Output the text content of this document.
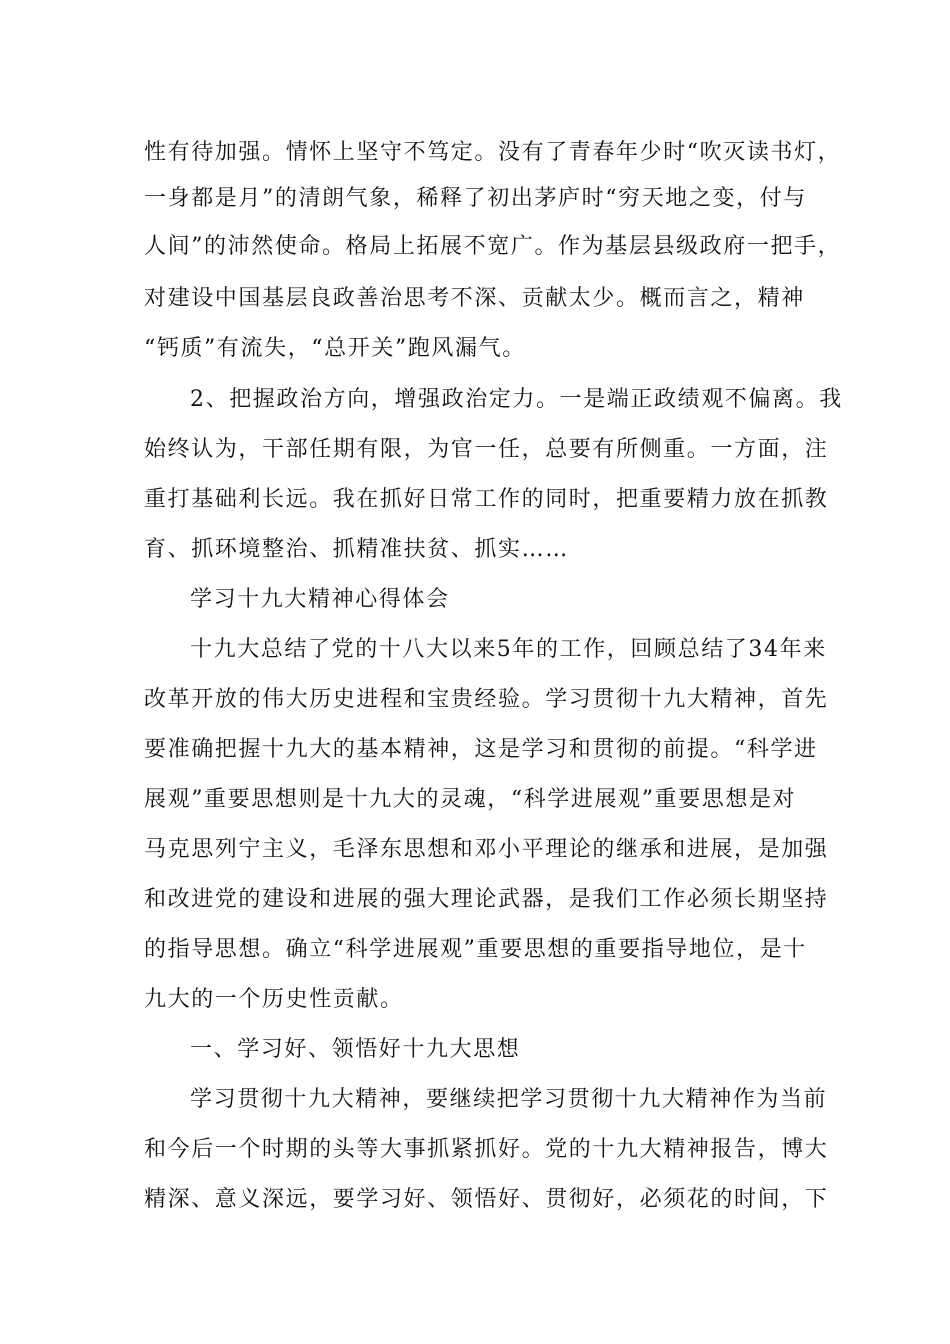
性有待加强。情怀上坚守不笃定。没有了青春年少时“吹灭读书灯，
一身都是月”的清朗气象，稀释了初出茅庐时“穷天地之变，付与
人间”的沛然使命。格局上拓展不宽广。作为基层县级政府一把手，
对建设中国基层良政善治思考不深、贡献太少。概而言之，精神
“钙质”有流失，“总开关”跑风漏气。
2、把握政治方向，增强政治定力。一是端正政绩观不偏离。我
始终认为，干部任期有限，为官一任，总要有所侧重。一方面，注
重打基础利长远。我在抓好日常工作的同时，把重要精力放在抓教
育、抓环境整治、抓精准扶贫、抓实……
学习十九大精神心得体会
十九大总结了党的十八大以来5年的工作，回顾总结了34年来
改革开放的伟大历史进程和宝贵经验。学习贯彻十九大精神，首先
要准确把握十九大的基本精神，这是学习和贯彻的前提。“科学进
展观”重要思想则是十九大的灵魂，“科学进展观”重要思想是对
马克思列宁主义，毛泽东思想和邓小平理论的继承和进展，是加强
和改进党的建设和进展的强大理论武器，是我们工作必须长期坚持
的指导思想。确立“科学进展观”重要思想的重要指导地位，是十
九大的一个历史性贡献。
一、学习好、领悟好十九大思想
学习贯彻十九大精神，要继续把学习贯彻十九大精神作为当前
和今后一个时期的头等大事抓紧抓好。党的十九大精神报告，博大
精深、意义深远，要学习好、领悟好、贯彻好，必须花的时间，下
